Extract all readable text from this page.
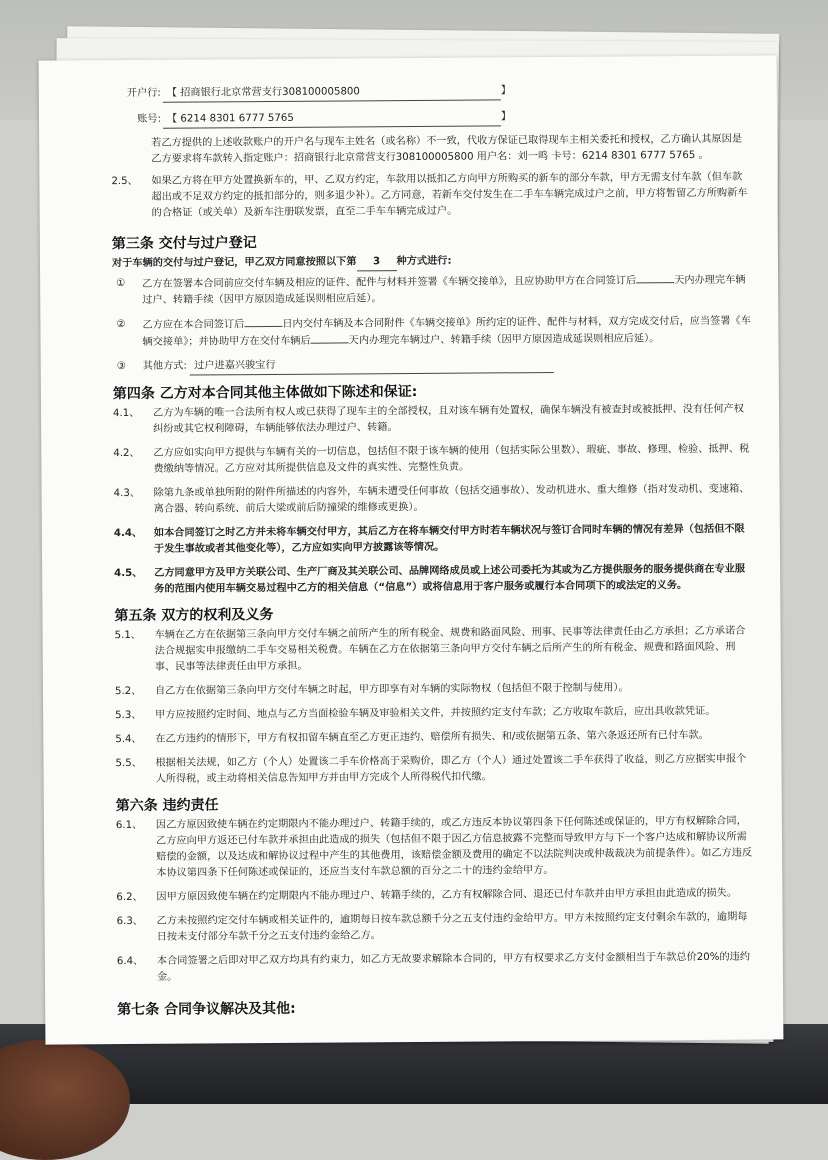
开户行: 【 招商银行北京常营支行308100005800	】
账号: 【 6214 8301 6777 5765	】
若乙方提供的上述收款账户的开户名与现车主姓名（或名称）不一致，代收方保证已取得现车主相关委托和授权，乙方确认其原因是 乙方要求将车款转入指定账户：招商银行北京常营支行308100005800 用户名：刘一鸣 卡号：6214 8301 6777 5765 。
2.5、	如果乙方将在甲方处置换新车的，甲、乙双方约定，车款用以抵扣乙方向甲方所购买的新车的部分车款，甲方无需支付车款（但车款超出或不足双方约定的抵扣部分的，则多退少补）。乙方同意，若新车交付发生在二手车车辆完成过户之前，甲方将暂留乙方所购新车的合格证（或关单）及新车注册联发票，直至二手车车辆完成过户。
第三条 交付与过户登记
对于车辆的交付与过户登记，甲乙双方同意按照以下第 3 种方式进行:
① 乙方在签署本合同前应交付车辆及相应的证件、配件与材料并签署《车辆交接单》，且应协助甲方在合同签订后	天内办理完车辆过户、转籍手续（因甲方原因造成延误则相应后延）。
② 乙方应在本合同签订后	日内交付车辆及本合同附件《车辆交接单》所约定的证件、配件与材料，双方完成交付后，应当签署《车辆交接单》；并协助甲方在交付车辆后	天内办理完车辆过户、转籍手续（因甲方原因造成延误则相应后延）。
③ 其他方式: 过户进嘉兴骏宝行
第四条 乙方对本合同其他主体做如下陈述和保证:
4.1、	乙方为车辆的唯一合法所有权人或已获得了现车主的全部授权，且对该车辆有处置权，确保车辆没有被查封或被抵押、没有任何产权纠纷或其它权利障碍，车辆能够依法办理过户、转籍。
4.2、	乙方应如实向甲方提供与车辆有关的一切信息，包括但不限于该车辆的使用（包括实际公里数）、瑕疵、事故、修理、检验、抵押、税费缴纳等情况。乙方应对其所提供信息及文件的真实性、完整性负责。
4.3、	除第九条或单独所附的附件所描述的内容外，车辆未遭受任何事故（包括交通事故）、发动机进水、重大维修（指对发动机、变速箱、离合器、转向系统、前后大梁或前后防撞梁的维修或更换）。
4.4、	如本合同签订之时乙方并未将车辆交付甲方，其后乙方在将车辆交付甲方时若车辆状况与签订合同时车辆的情况有差异（包括但不限于发生事故或者其他变化等），乙方应如实向甲方披露该等情况。
4.5、	乙方同意甲方及甲方关联公司、生产厂商及其关联公司、品牌网络成员或上述公司委托为其或为乙方提供服务的服务提供商在专业服务的范围内使用车辆交易过程中乙方的相关信息（“信息”）或将信息用于客户服务或履行本合同项下的或法定的义务。
第五条 双方的权利及义务
5.1、	车辆在乙方在依据第三条向甲方交付车辆之前所产生的所有税金、规费和路面风险、刑事、民事等法律责任由乙方承担；乙方承诺合法合规据实申报缴纳二手车交易相关税费。车辆在乙方在依据第三条向甲方交付车辆之后所产生的所有税金、规费和路面风险、刑事、民事等法律责任由甲方承担。
5.2、	自乙方在依据第三条向甲方交付车辆之时起，甲方即享有对车辆的实际物权（包括但不限于控制与使用）。
5.3、	甲方应按照约定时间、地点与乙方当面检验车辆及审验相关文件，并按照约定支付车款；乙方收取车款后，应出具收款凭证。
5.4、	在乙方违约的情形下，甲方有权扣留车辆直至乙方更正违约、赔偿所有损失、和/或依据第五条、第六条返还所有已付车款。
5.5、	根据相关法规，如乙方（个人）处置该二手车价格高于采购价，即乙方（个人）通过处置该二手车获得了收益，则乙方应据实申报个人所得税，或主动将相关信息告知甲方并由甲方完成个人所得税代扣代缴。
第六条 违约责任
6.1、	因乙方原因致使车辆在约定期限内不能办理过户、转籍手续的，或乙方违反本协议第四条下任何陈述或保证的，甲方有权解除合同，乙方应向甲方返还已付车款并承担由此造成的损失（包括但不限于因乙方信息披露不完整而导致甲方与下一个客户达成和解协议所需赔偿的金额，以及达成和解协议过程中产生的其他费用，该赔偿金额及费用的确定不以法院判决或仲裁裁决为前提条件）。如乙方违反本协议第四条下任何陈述或保证的，还应当支付车款总额的百分之二十的违约金给甲方。
6.2、	因甲方原因致使车辆在约定期限内不能办理过户、转籍手续的，乙方有权解除合同、退还已付车款并由甲方承担由此造成的损失。
6.3、	乙方未按照约定交付车辆或相关证件的，逾期每日按车款总额千分之五支付违约金给甲方。甲方未按照约定支付剩余车款的，逾期每日按未支付部分车款千分之五支付违约金给乙方。
6.4、	本合同签署之后即对甲乙双方均具有约束力，如乙方无故要求解除本合同的，甲方有权要求乙方支付金额相当于车款总价20%的违约金。
第七条 合同争议解决及其他:
